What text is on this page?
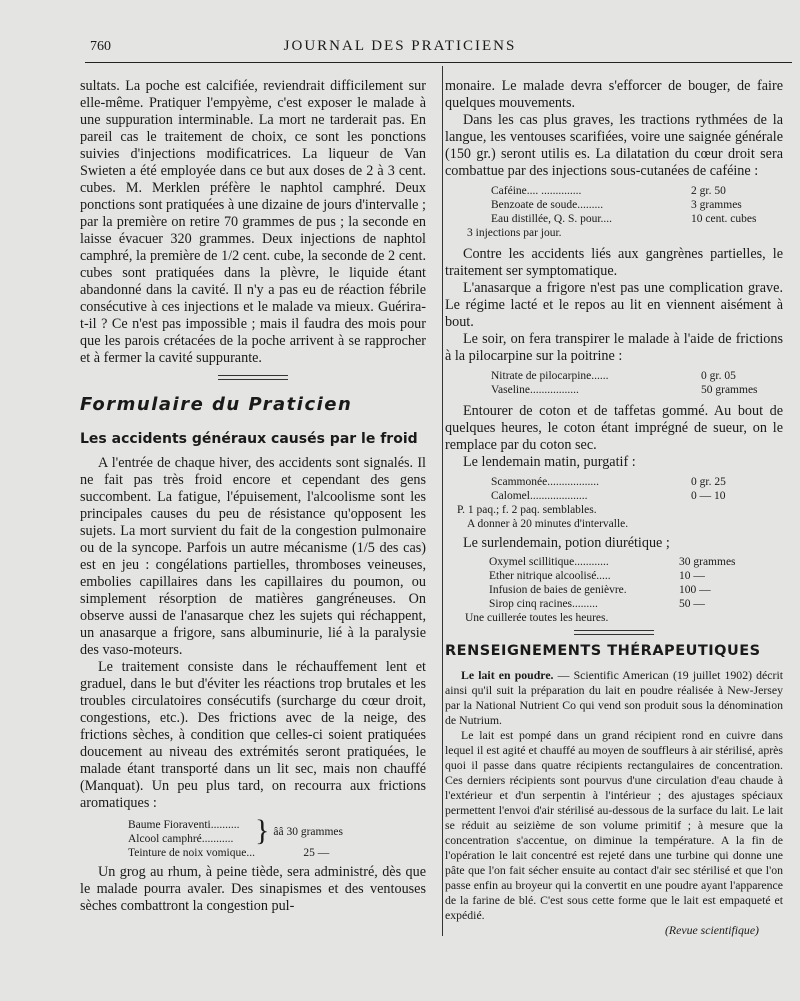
760	JOURNAL DES PRATICIENS

sultats. La poche est calcifiée, reviendrait difficilement sur elle-même. Pratiquer l'empyème, c'est exposer le malade à une suppuration interminable. La mort ne tarderait pas. En pareil cas le traitement de choix, ce sont les ponctions suivies d'injections modificatrices. La liqueur de Van Swieten a été employée dans ce but aux doses de 2 à 3 cent. cubes. M. Merklen préfère le naphtol camphré. Deux ponctions sont pratiquées à une dizaine de jours d'intervalle ; par la première on retire 70 grammes de pus ; la seconde en laisse évacuer 320 grammes. Deux injections de naphtol camphré, la première de 1/2 cent. cube, la seconde de 2 cent. cubes sont pratiquées dans la plèvre, le liquide étant abandonné dans la cavité. Il n'y a pas eu de réaction fébrile consécutive à ces injections et le malade va mieux. Guérira-t-il ? Ce n'est pas impossible ; mais il faudra des mois pour que les parois crétacées de la poche arrivent à se rapprocher et à fermer la cavité suppurante.

Formulaire du Praticien

Les accidents généraux causés par le froid

A l'entrée de chaque hiver, des accidents sont signalés. Il ne fait pas très froid encore et cependant des gens succombent. La fatigue, l'épuisement, l'alcoolisme sont les principales causes du peu de résistance qu'opposent les sujets. La mort survient du fait de la congestion pulmonaire ou de la syncope. Parfois un autre mécanisme (1/5 des cas) est en jeu : congélations partielles, thromboses veineuses, embolies capillaires dans les capillaires du poumon, ou simplement résorption de matières gangréneuses. On observe aussi de l'anasarque chez les sujets qui réchappent, un anasarque a frigore, sans albuminurie, lié à la paralysie des vaso-moteurs.

Le traitement consiste dans le réchauffement lent et graduel, dans le but d'éviter les réactions trop brutales et les troubles circulatoires consécutifs (surcharge du cœur droit, congestions, etc.). Des frictions avec de la neige, des frictions sèches, à condition que celles-ci soient pratiquées doucement au niveau des extrémités seront pratiquées, le malade étant transporté dans un lit sec, mais non chauffé (Manquat). Un peu plus tard, on recourra aux frictions aromatiques :

Baume Fioraventi..........	}	ââ 30 grammes
Alcool camphré...........		
Teinture de noix vomique...		25 —

Un grog au rhum, à peine tiède, sera administré, dès que le malade pourra avaler. Des sinapismes et des ventouses sèches combattront la congestion pul-

monaire. Le malade devra s'efforcer de bouger, de faire quelques mouvements.

Dans les cas plus graves, les tractions rythmées de la langue, les ventouses scarifiées, voire une saignée générale (150 gr.) seront utilis es. La dilatation du cœur droit sera combattue par des injections sous-cutanées de caféine :

Caféine.... ..............	2 gr. 50
Benzoate de soude.........	3 grammes
Eau distillée, Q. S. pour....	10 cent. cubes
3 injections par jour.

Contre les accidents liés aux gangrènes partielles, le traitement ser symptomatique.

L'anasarque a frigore n'est pas une complication grave. Le régime lacté et le repos au lit en viennent aisément à bout.

Le soir, on fera transpirer le malade à l'aide de frictions à la pilocarpine sur la poitrine :

Nitrate de pilocarpine......	0 gr. 05
Vaseline.................	50 grammes

Entourer de coton et de taffetas gommé. Au bout de quelques heures, le coton étant imprégné de sueur, on le remplace par du coton sec.

Le lendemain matin, purgatif :

Scammonée..................	0 gr. 25
Calomel....................	0 — 10
P. 1 paq.; f. 2 paq. semblables.
A donner à 20 minutes d'intervalle.

Le surlendemain, potion diurétique ;

Oxymel scillitique............	30 grammes
Ether nitrique alcoolisé.....	10 —
Infusion de baies de genièvre.	100 —
Sirop cinq racines.........	50 —
Une cuillerée toutes les heures.

RENSEIGNEMENTS THÉRAPEUTIQUES

Le lait en poudre. — Scientific American (19 juillet 1902) décrit ainsi qu'il suit la préparation du lait en poudre réalisée à New-Jersey par la National Nutrient Co qui vend son produit sous la dénomination de Nutrium.

Le lait est pompé dans un grand récipient rond en cuivre dans lequel il est agité et chauffé au moyen de souffleurs à air stérilisé, après quoi il passe dans quatre récipients rectangulaires de concentration. Ces derniers récipients sont pourvus d'une circulation d'eau chaude à l'extérieur et d'un serpentin à l'intérieur ; des ajustages spéciaux permettent l'envoi d'air stérilisé au-dessous de la surface du lait. Le lait se réduit au seizième de son volume primitif ; à mesure que la concentration s'accentue, on diminue la température. A la fin de l'opération le lait concentré est rejeté dans une turbine qui donne une pâte que l'on fait sécher ensuite au contact d'air sec stérilisé et que l'on passe enfin au broyeur qui la convertit en une poudre ayant l'apparence de la farine de blé. C'est sous cette forme que le lait est empaqueté et expédié.

(Revue scientifique)
